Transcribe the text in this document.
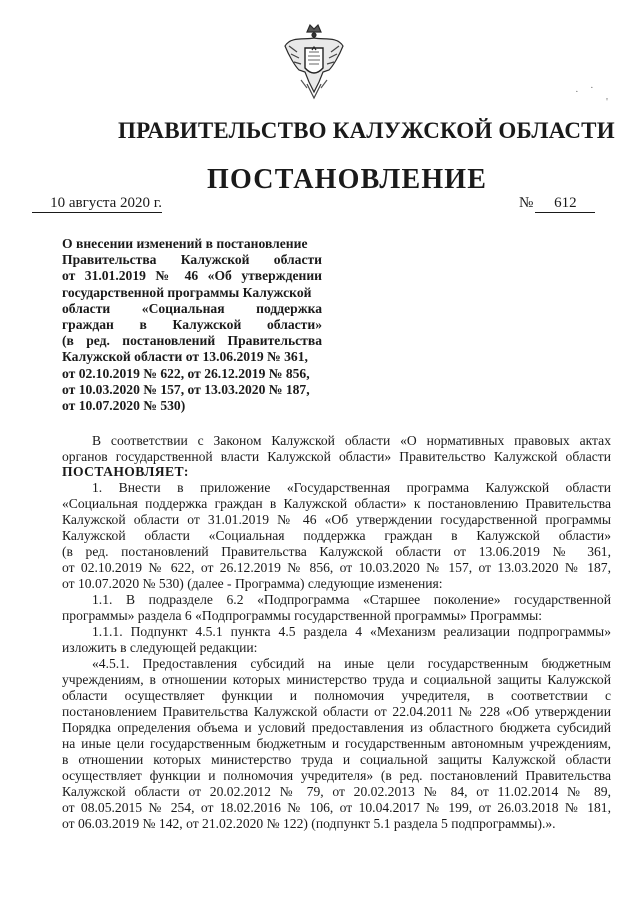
·
'
·
ПРАВИТЕЛЬСТВО КАЛУЖСКОЙ ОБЛАСТИ
ПОСТАНОВЛЕНИЕ
10 августа 2020 г.	№	612
О внесении изменений в постановление
Правительства Калужской области
от 31.01.2019 № 46 «Об утверждении
государственной программы Калужской
области «Социальная поддержка
граждан в Калужской области»
(в ред. постановлений Правительства
Калужской области от 13.06.2019 № 361,
от 02.10.2019 № 622, от 26.12.2019 № 856,
от 10.03.2020 № 157, от 13.03.2020 № 187,
от 10.07.2020 № 530)
В соответствии с Законом Калужской области «О нормативных правовых актах
органов государственной власти Калужской области» Правительство Калужской области
ПОСТАНОВЛЯЕТ:
1. Внести в приложение «Государственная программа Калужской области
«Социальная поддержка граждан в Калужской области» к постановлению Правительства
Калужской области от 31.01.2019 № 46 «Об утверждении государственной программы
Калужской области «Социальная поддержка граждан в Калужской области»
(в ред. постановлений Правительства Калужской области от 13.06.2019 № 361,
от 02.10.2019 № 622, от 26.12.2019 № 856, от 10.03.2020 № 157, от 13.03.2020 № 187,
от 10.07.2020 № 530) (далее - Программа) следующие изменения:
1.1. В подразделе 6.2 «Подпрограмма «Старшее поколение» государственной
программы» раздела 6 «Подпрограммы государственной программы» Программы:
1.1.1. Подпункт 4.5.1 пункта 4.5 раздела 4 «Механизм реализации подпрограммы»
изложить в следующей редакции:
«4.5.1. Предоставления субсидий на иные цели государственным бюджетным
учреждениям, в отношении которых министерство труда и социальной защиты Калужской
области осуществляет функции и полномочия учредителя, в соответствии с
постановлением Правительства Калужской области от 22.04.2011 № 228 «Об утверждении
Порядка определения объема и условий предоставления из областного бюджета субсидий
на иные цели государственным бюджетным и государственным автономным учреждениям,
в отношении которых министерство труда и социальной защиты Калужской области
осуществляет функции и полномочия учредителя» (в ред. постановлений Правительства
Калужской области от 20.02.2012 № 79, от 20.02.2013 № 84, от 11.02.2014 № 89,
от 08.05.2015 № 254, от 18.02.2016 № 106, от 10.04.2017 № 199, от 26.03.2018 № 181,
от 06.03.2019 № 142, от 21.02.2020 № 122) (подпункт 5.1 раздела 5 подпрограммы).».
